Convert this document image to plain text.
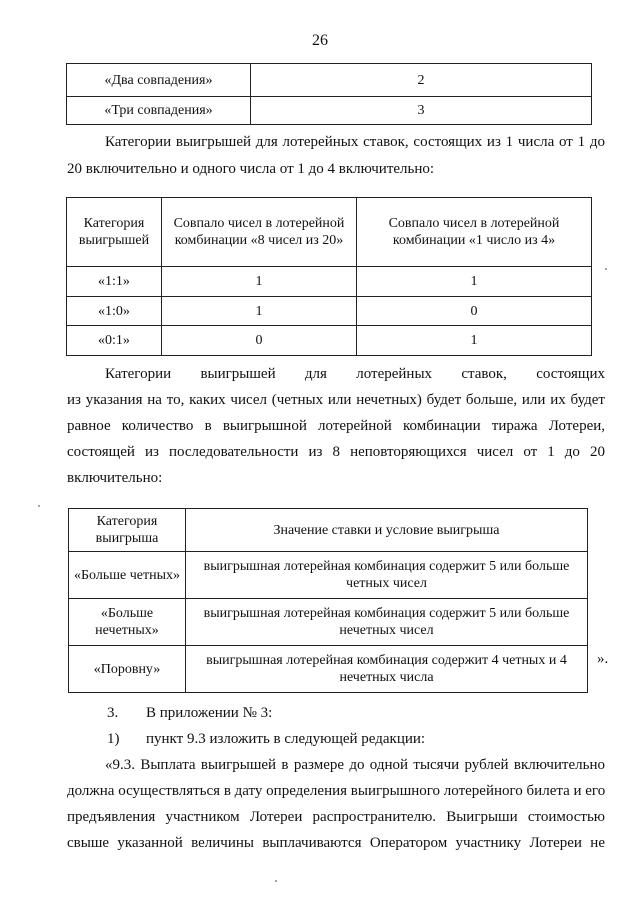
26
«Два совпадения»	2
«Три совпадения»	3
Категории выигрышей для лотерейных ставок, состоящих из 1 числа от 1 до
20 включительно и одного числа от 1 до 4 включительно:
Категория выигрышей	Совпало чисел в лотерейной комбинации «8 чисел из 20»	Совпало чисел в лотерейной комбинации «1 число из 4»
«1:1»	1	1
«1:0»	1	0
«0:1»	0	1
Категории выигрышей для лотерейных ставок, состоящих
из указания на то, каких чисел (четных или нечетных) будет больше, или их будет
равное количество в выигрышной лотерейной комбинации тиража Лотереи,
состоящей из последовательности из 8 неповторяющихся чисел от 1 до 20
включительно:
Категория выигрыша	Значение ставки и условие выигрыша
«Больше четных»	выигрышная лотерейная комбинация содержит 5 или больше четных чисел
«Больше нечетных»	выигрышная лотерейная комбинация содержит 5 или больше нечетных чисел
«Поровну»	выигрышная лотерейная комбинация содержит 4 четных и 4 нечетных числа
».
3. В приложении № 3:
1) пункт 9.3 изложить в следующей редакции:
«9.3. Выплата выигрышей в размере до одной тысячи рублей включительно
должна осуществляться в дату определения выигрышного лотерейного билета и его
предъявления участником Лотереи распространителю. Выигрыши стоимостью
свыше указанной величины выплачиваются Оператором участнику Лотереи не
